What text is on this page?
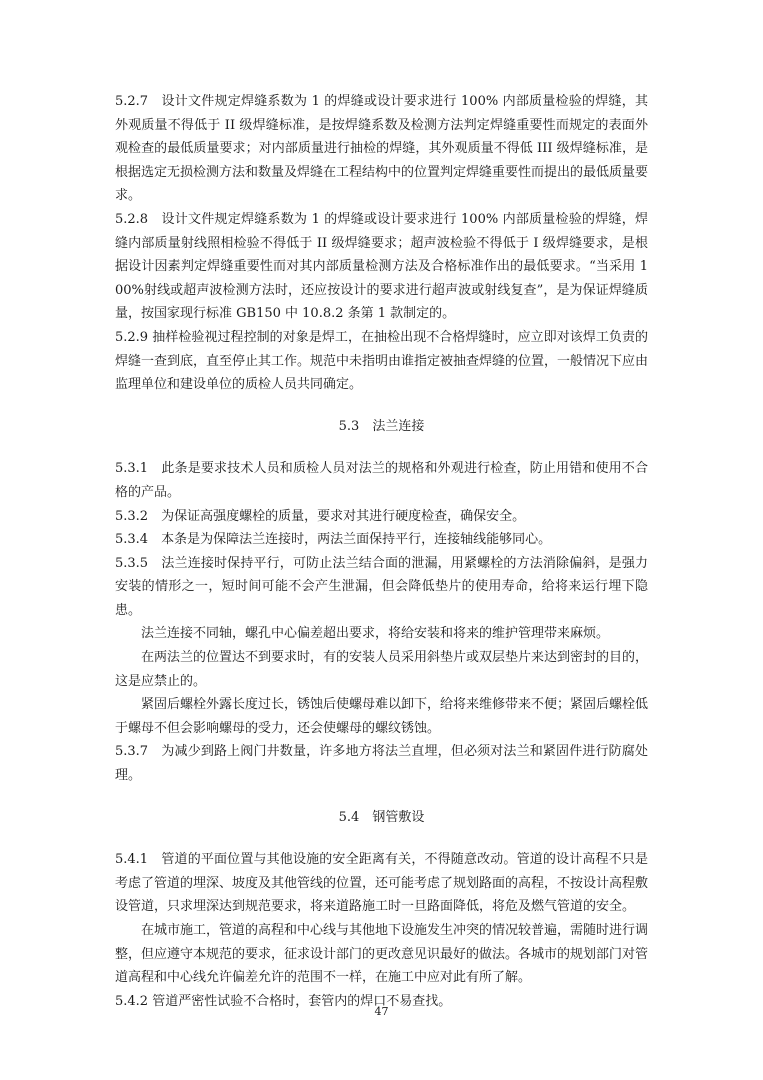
5.2.7　设计文件规定焊缝系数为 1 的焊缝或设计要求进行 100% 内部质量检验的焊缝，其外观质量不得低于 II 级焊缝标准，是按焊缝系数及检测方法判定焊缝重要性而规定的表面外观检查的最低质量要求；对内部质量进行抽检的焊缝，其外观质量不得低 III 级焊缝标准，是根据选定无损检测方法和数量及焊缝在工程结构中的位置判定焊缝重要性而提出的最低质量要求。

5.2.8　设计文件规定焊缝系数为 1 的焊缝或设计要求进行 100% 内部质量检验的焊缝，焊缝内部质量射线照相检验不得低于 II 级焊缝要求；超声波检验不得低于 I 级焊缝要求，是根据设计因素判定焊缝重要性而对其内部质量检测方法及合格标准作出的最低要求。“当采用 100%射线或超声波检测方法时，还应按设计的要求进行超声波或射线复查”，是为保证焊缝质量，按国家现行标准 GB150 中 10.8.2 条第 1 款制定的。

5.2.9 抽样检验视过程控制的对象是焊工，在抽检出现不合格焊缝时，应立即对该焊工负责的焊缝一查到底，直至停止其工作。规范中未指明由谁指定被抽查焊缝的位置，一般情况下应由监理单位和建设单位的质检人员共同确定。

5.3　法兰连接

5.3.1　此条是要求技术人员和质检人员对法兰的规格和外观进行检查，防止用错和使用不合格的产品。

5.3.2　为保证高强度螺栓的质量，要求对其进行硬度检查，确保安全。

5.3.4　本条是为保障法兰连接时，两法兰面保持平行，连接轴线能够同心。

5.3.5　法兰连接时保持平行，可防止法兰结合面的泄漏，用紧螺栓的方法消除偏斜，是强力安装的情形之一，短时间可能不会产生泄漏，但会降低垫片的使用寿命，给将来运行埋下隐患。

法兰连接不同轴，螺孔中心偏差超出要求，将给安装和将来的维护管理带来麻烦。

在两法兰的位置达不到要求时，有的安装人员采用斜垫片或双层垫片来达到密封的目的，这是应禁止的。

紧固后螺栓外露长度过长，锈蚀后使螺母难以卸下，给将来维修带来不便；紧固后螺栓低于螺母不但会影响螺母的受力，还会使螺母的螺纹锈蚀。

5.3.7　为减少到路上阀门井数量，许多地方将法兰直埋，但必须对法兰和紧固件进行防腐处理。

5.4　钢管敷设

5.4.1　管道的平面位置与其他设施的安全距离有关，不得随意改动。管道的设计高程不只是考虑了管道的埋深、坡度及其他管线的位置，还可能考虑了规划路面的高程，不按设计高程敷设管道，只求埋深达到规范要求，将来道路施工时一旦路面降低，将危及燃气管道的安全。

在城市施工，管道的高程和中心线与其他地下设施发生冲突的情况较普遍，需随时进行调整，但应遵守本规范的要求，征求设计部门的更改意见识最好的做法。各城市的规划部门对管道高程和中心线允许偏差允许的范围不一样，在施工中应对此有所了解。

5.4.2 管道严密性试验不合格时，套管内的焊口不易查找。

47
